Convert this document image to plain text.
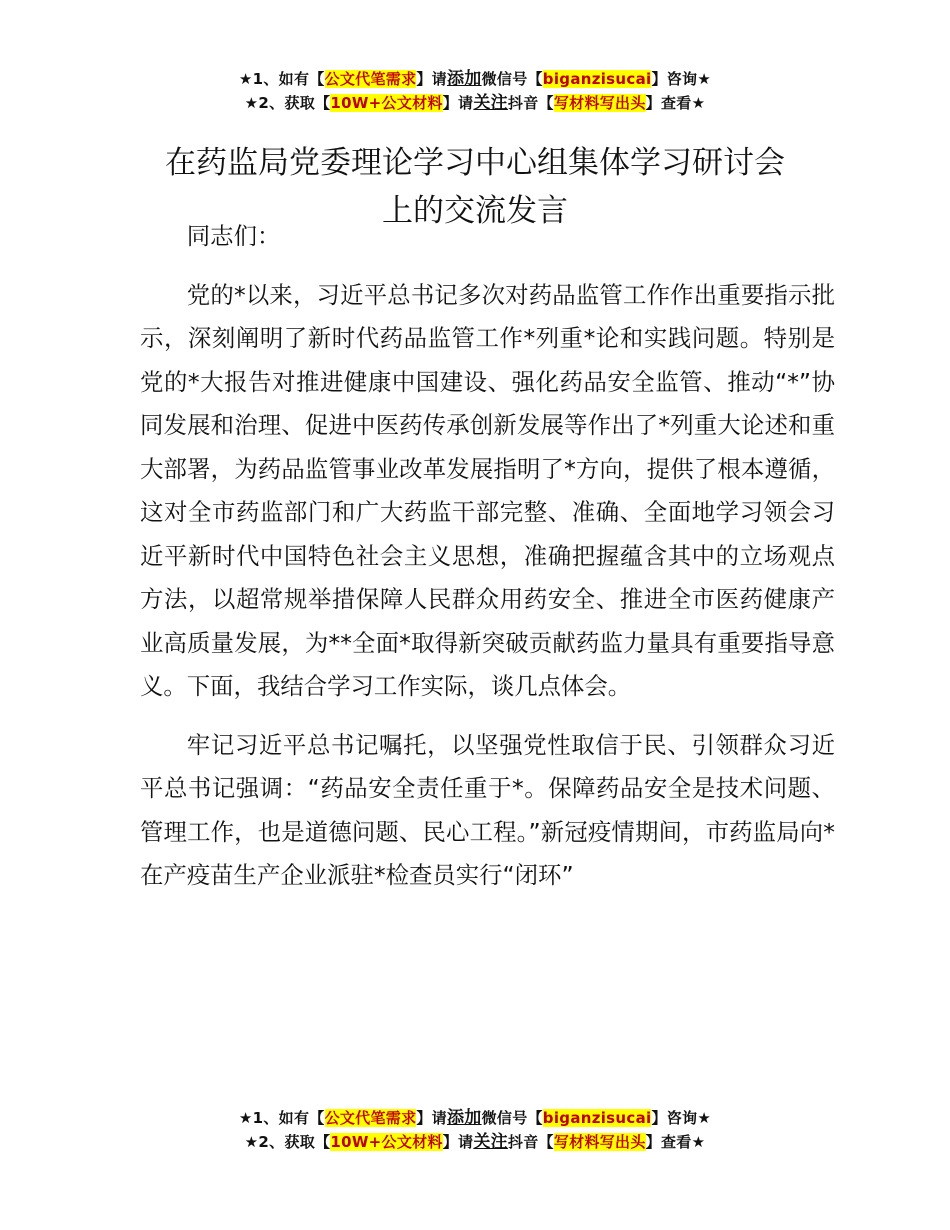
★1、如有【公文代笔需求】请添加微信号【biganzisucai】咨询★
★2、获取【10W+公文材料】请关注抖音【写材料写出头】查看★
在药监局党委理论学习中心组集体学习研讨会
上的交流发言

同志们：

党的*以来，习近平总书记多次对药品监管工作作出重要指示批示，深刻阐明了新时代药品监管工作*列重*论和实践问题。特别是党的*大报告对推进健康中国建设、强化药品安全监管、推动“*”协同发展和治理、促进中医药传承创新发展等作出了*列重大论述和重大部署，为药品监管事业改革发展指明了*方向，提供了根本遵循，这对全市药监部门和广大药监干部完整、准确、全面地学习领会习近平新时代中国特色社会主义思想，准确把握蕴含其中的立场观点方法，以超常规举措保障人民群众用药安全、推进全市医药健康产业高质量发展，为**全面*取得新突破贡献药监力量具有重要指导意义。下面，我结合学习工作实际，谈几点体会。

牢记习近平总书记嘱托，以坚强党性取信于民、引领群众习近平总书记强调：“药品安全责任重于*。保障药品安全是技术问题、管理工作，也是道德问题、民心工程。”新冠疫情期间，市药监局向*在产疫苗生产企业派驻*检查员实行“闭环”

★1、如有【公文代笔需求】请添加微信号【biganzisucai】咨询★
★2、获取【10W+公文材料】请关注抖音【写材料写出头】查看★
